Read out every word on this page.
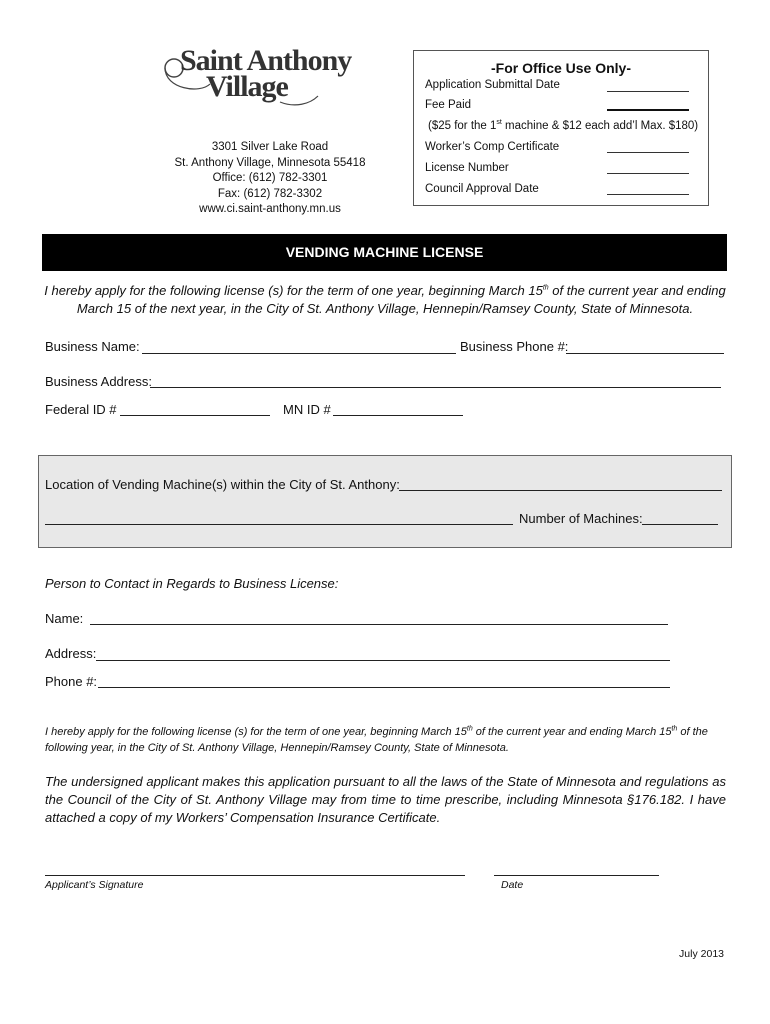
Saint Anthony
Village
3301 Silver Lake Road
St. Anthony Village, Minnesota 55418
Office: (612) 782-3301
Fax: (612) 782-3302
www.ci.saint-anthony.mn.us
-For Office Use Only-
Application Submittal Date
Fee Paid
($25 for the 1st machine & $12 each add’l Max. $180)
Worker’s Comp Certificate
License Number
Council Approval Date
VENDING MACHINE LICENSE
I hereby apply for the following license (s) for the term of one year, beginning March 15th of the current year and ending March 15 of the next year, in the City of St. Anthony Village, Hennepin/Ramsey County, State of Minnesota.
Business Name:	Business Phone #:
Business Address:
Federal ID #	MN ID #
Location of Vending Machine(s) within the City of St. Anthony:
Number of Machines:
Person to Contact in Regards to Business License:
Name:
Address:
Phone #:
I hereby apply for the following license (s) for the term of one year, beginning March 15th of the current year and ending March 15th of the following year, in the City of St. Anthony Village, Hennepin/Ramsey County, State of Minnesota.
The undersigned applicant makes this application pursuant to all the laws of the State of Minnesota and regulations as the Council of the City of St. Anthony Village may from time to time prescribe, including Minnesota §176.182. I have attached a copy of my Workers’ Compensation Insurance Certificate.
Applicant’s Signature	Date
July 2013
